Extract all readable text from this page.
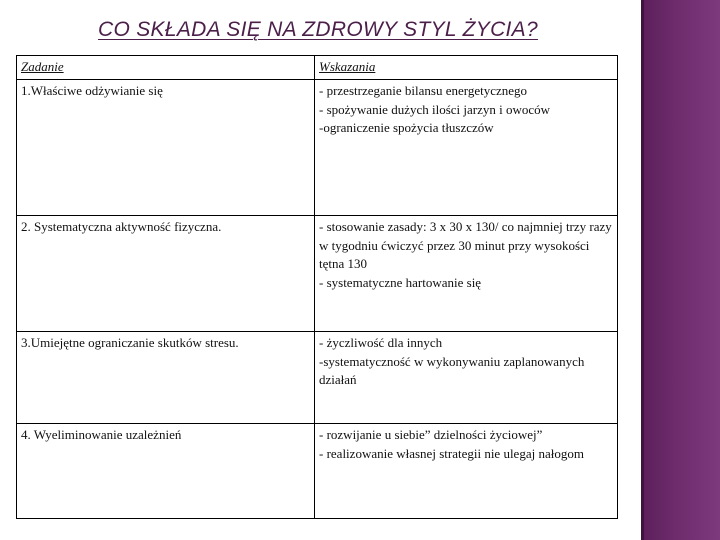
CO SKŁADA SIĘ NA ZDROWY STYL ŻYCIA?
Zadanie	Wskazania
1.Właściwe odżywianie się	- przestrzeganie bilansu energetycznego
- spożywanie dużych ilości jarzyn i owoców
-ograniczenie spożycia tłuszczów

2. Systematyczna aktywność fizyczna.	- stosowanie zasady: 3 x 30 x 130/ co najmniej trzy razy w tygodniu ćwiczyć przez 30 minut przy wysokości tętna 130
- systematyczne hartowanie się

3.Umiejętne ograniczanie skutków stresu.	- życzliwość dla innych
-systematyczność w wykonywaniu zaplanowanych działań

4. Wyeliminowanie uzależnień	- rozwijanie u siebie” dzielności życiowej”
- realizowanie własnej strategii nie ulegaj nałogom
